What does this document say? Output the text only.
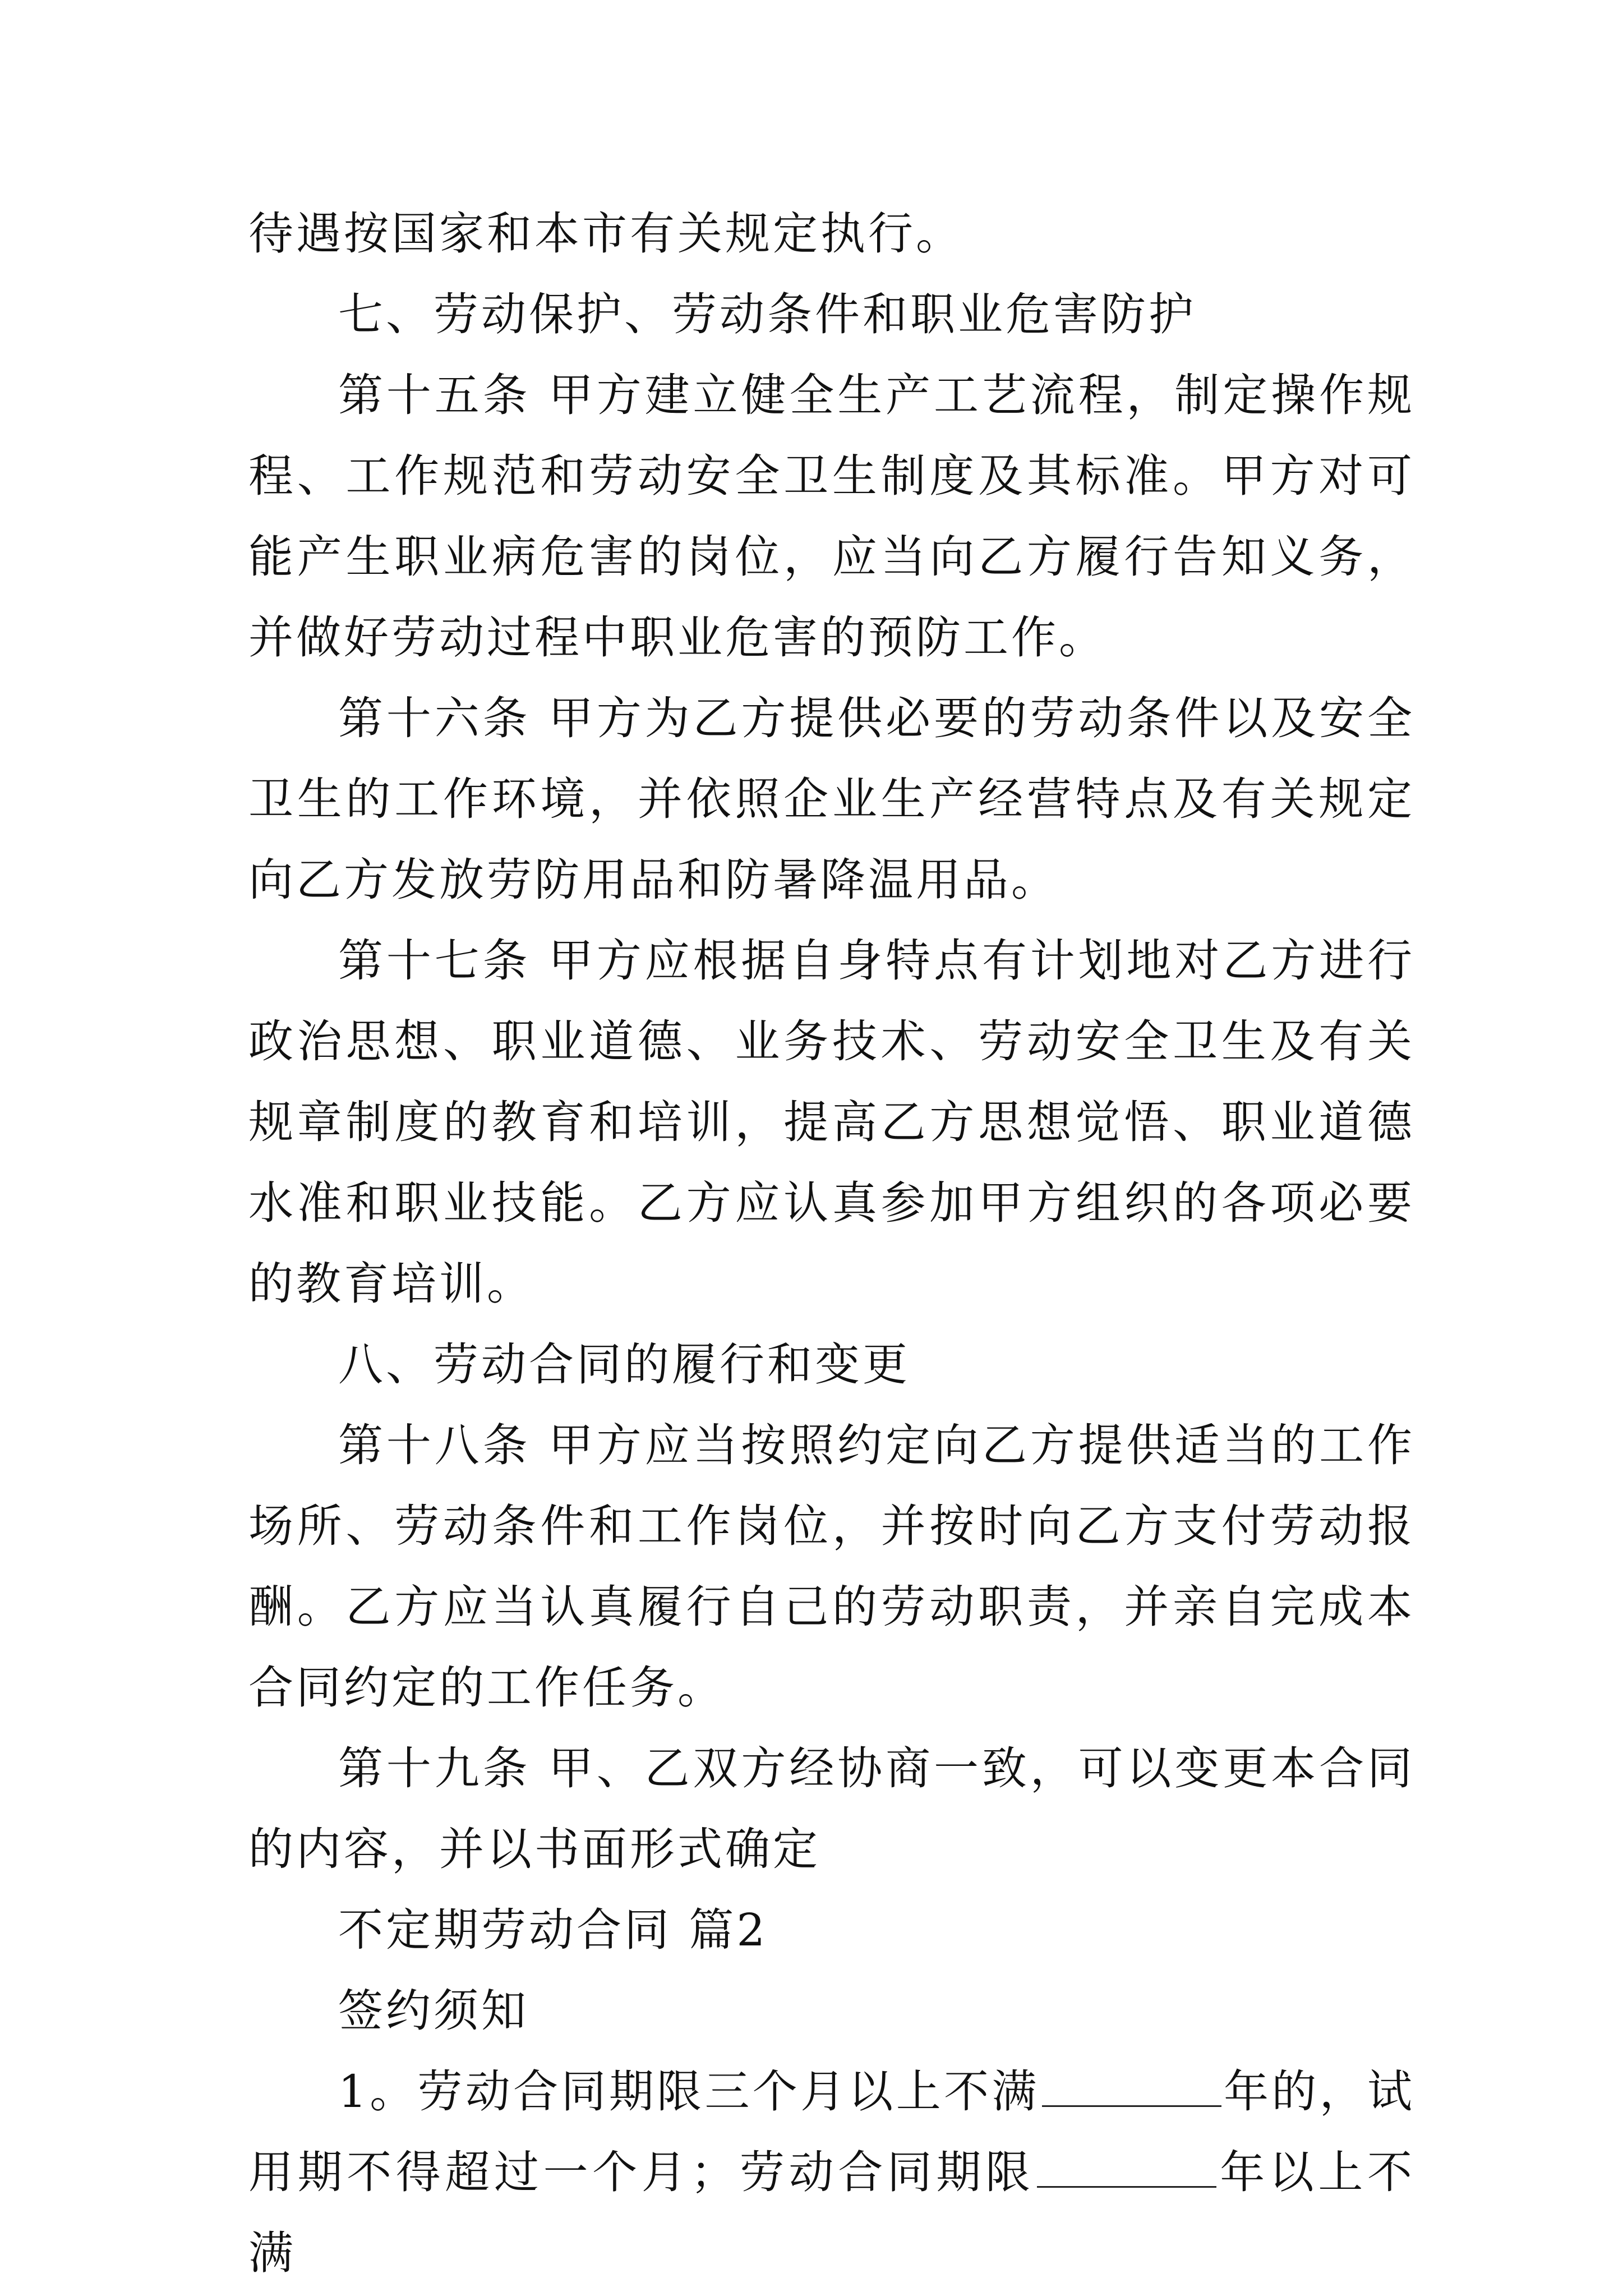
待遇按国家和本市有关规定执行。

七、劳动保护、劳动条件和职业危害防护

第十五条 甲方建立健全生产工艺流程，制定操作规程、工作规范和劳动安全卫生制度及其标准。甲方对可能产生职业病危害的岗位，应当向乙方履行告知义务，并做好劳动过程中职业危害的预防工作。

第十六条 甲方为乙方提供必要的劳动条件以及安全卫生的工作环境，并依照企业生产经营特点及有关规定向乙方发放劳防用品和防暑降温用品。

第十七条 甲方应根据自身特点有计划地对乙方进行政治思想、职业道德、业务技术、劳动安全卫生及有关规章制度的教育和培训，提高乙方思想觉悟、职业道德水准和职业技能。乙方应认真参加甲方组织的各项必要的教育培训。

八、劳动合同的履行和变更

第十八条 甲方应当按照约定向乙方提供适当的工作场所、劳动条件和工作岗位，并按时向乙方支付劳动报酬。乙方应当认真履行自己的劳动职责，并亲自完成本合同约定的工作任务。

第十九条 甲、乙双方经协商一致，可以变更本合同的内容，并以书面形式确定

不定期劳动合同 篇2

签约须知

1。劳动合同期限三个月以上不满	年的，试用期不得超过一个月；劳动合同期限	年以上不满
